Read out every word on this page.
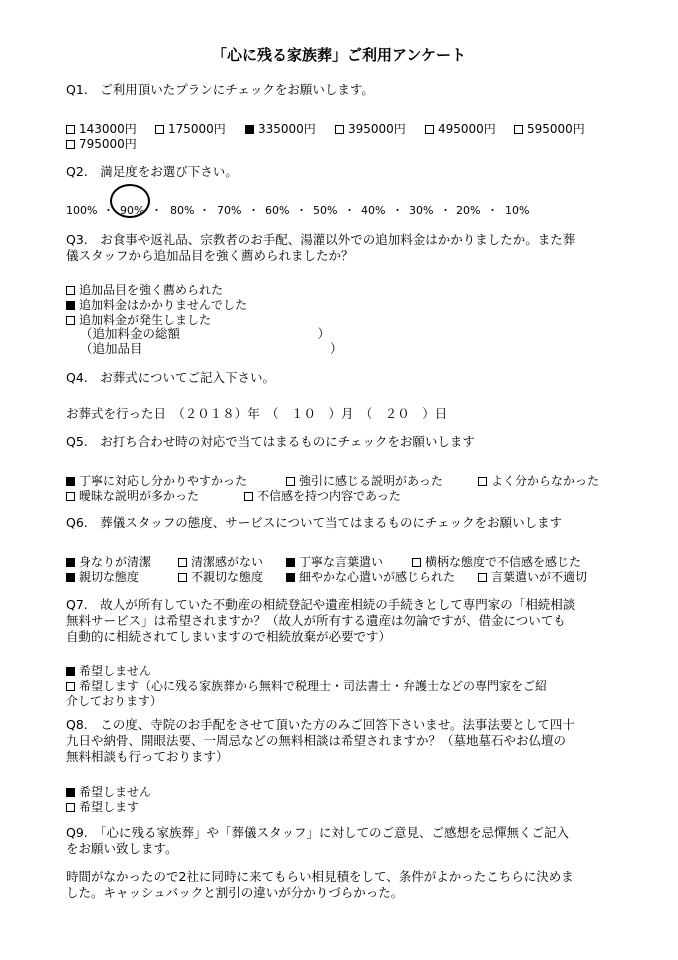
「心に残る家族葬」ご利用アンケート
Q1.　ご利用頂いたプランにチェックをお願いします。
143000円	175000円	335000円	395000円	495000円	595000円
795000円
Q2.　満足度をお選び下さい。
100% ・ 90% ・ 80% ・ 70% ・ 60% ・ 50% ・ 40% ・ 30% ・ 20% ・ 10%
Q3.　お食事や返礼品、宗教者のお手配、湯灌以外での追加料金はかかりましたか。また葬
儀スタッフから追加品目を強く薦められましたか？
追加品目を強く薦められた
追加料金はかかりませんでした
追加料金が発生しました
（追加料金の総額　　　　　　　　　　　）
（追加品目　　　　　　　　　　　　　　　）
Q4.　お葬式についてご記入下さい。
お葬式を行った日　（２０１８）年　（　１０　）月　（　２０　）日
Q5.　お打ち合わせ時の対応で当てはまるものにチェックをお願いします
丁寧に対応し分かりやすかった	強引に感じる説明があった	よく分からなかった
曖昧な説明が多かった	不信感を持つ内容であった
Q6.　葬儀スタッフの態度、サービスについて当てはまるものにチェックをお願いします
身なりが清潔	清潔感がない	丁寧な言葉遣い	横柄な態度で不信感を感じた
親切な態度	不親切な態度	細やかな心遣いが感じられた	言葉遣いが不適切
Q7.　故人が所有していた不動産の相続登記や遺産相続の手続きとして専門家の「相続相談
無料サービス」は希望されますか？（故人が所有する遺産は勿論ですが、借金についても
自動的に相続されてしまいますので相続放棄が必要です）
希望しません
希望します（心に残る家族葬から無料で税理士・司法書士・弁護士などの専門家をご紹
介しております）
Q8.　この度、寺院のお手配をさせて頂いた方のみご回答下さいませ。法事法要として四十
九日や納骨、開眼法要、一周忌などの無料相談は希望されますか？（墓地墓石やお仏壇の
無料相談も行っております）
希望しません
希望します
Q9.　「心に残る家族葬」や「葬儀スタッフ」に対してのご意見、ご感想を忌憚無くご記入
をお願い致します。
時間がなかったので2社に同時に来てもらい相見積をして、条件がよかったこちらに決めま
した。キャッシュバックと割引の違いが分かりづらかった。
